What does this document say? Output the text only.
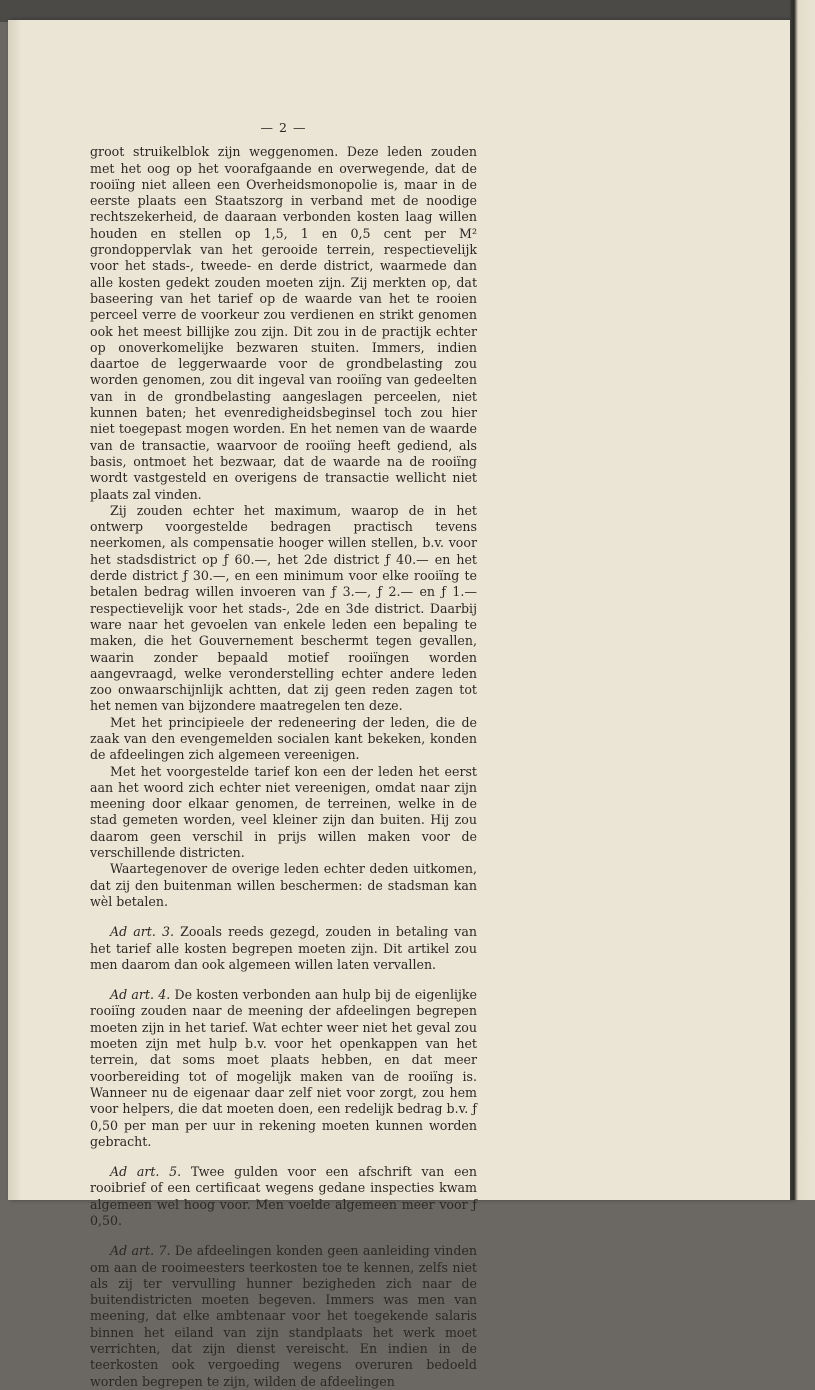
— 2 —

groot struikelblok zijn weggenomen. Deze leden zouden met het oog op het voorafgaande en overwegende, dat de rooiïng niet alleen een Overheidsmonopolie is, maar in de eerste plaats een Staatszorg in verband met de noodige rechtszekerheid, de daaraan verbonden kosten laag willen houden en stellen op 1,5, 1 en 0,5 cent per M² grondoppervlak van het gerooide terrein, respectievelijk voor het stads-, tweede- en derde district, waarmede dan alle kosten gedekt zouden moeten zijn. Zij merkten op, dat baseering van het tarief op de waarde van het te rooien perceel verre de voorkeur zou verdienen en strikt genomen ook het meest billijke zou zijn. Dit zou in de practijk echter op onoverkomelijke bezwaren stuiten. Immers, indien daartoe de leggerwaarde voor de grondbelasting zou worden genomen, zou dit ingeval van rooiïng van gedeelten van in de grondbelasting aangeslagen perceelen, niet kunnen baten; het evenredigheidsbeginsel toch zou hier niet toegepast mogen worden. En het nemen van de waarde van de transactie, waarvoor de rooiïng heeft gediend, als basis, ontmoet het bezwaar, dat de waarde na de rooiïng wordt vastgesteld en overigens de transactie wellicht niet plaats zal vinden.

Zij zouden echter het maximum, waarop de in het ontwerp voorgestelde bedragen practisch tevens neerkomen, als compensatie hooger willen stellen, b.v. voor het stadsdistrict op ƒ 60.—, het 2de district ƒ 40.— en het derde district ƒ 30.—, en een minimum voor elke rooiïng te betalen bedrag willen invoeren van ƒ 3.—, ƒ 2.— en ƒ 1.— respectievelijk voor het stads-, 2de en 3de district. Daarbij ware naar het gevoelen van enkele leden een bepaling te maken, die het Gouvernement beschermt tegen gevallen, waarin zonder bepaald motief rooiïngen worden aangevraagd, welke veronderstelling echter andere leden zoo onwaarschijnlijk achtten, dat zij geen reden zagen tot het nemen van bijzondere maatregelen ten deze.

Met het principieele der redeneering der leden, die de zaak van den evengemelden socialen kant bekeken, konden de afdeelingen zich algemeen vereenigen.

Met het voorgestelde tarief kon een der leden het eerst aan het woord zich echter niet vereenigen, omdat naar zijn meening door elkaar genomen, de terreinen, welke in de stad gemeten worden, veel kleiner zijn dan buiten. Hij zou daarom geen verschil in prijs willen maken voor de verschillende districten.

Waartegenover de overige leden echter deden uitkomen, dat zij den buitenman willen beschermen: de stadsman kan wèl betalen.

Ad art. 3. Zooals reeds gezegd, zouden in betaling van het tarief alle kosten begrepen moeten zijn. Dit artikel zou men daarom dan ook algemeen willen laten vervallen.

Ad art. 4. De kosten verbonden aan hulp bij de eigenlijke rooiïng zouden naar de meening der afdeelingen begrepen moeten zijn in het tarief. Wat echter weer niet het geval zou moeten zijn met hulp b.v. voor het openkappen van het terrein, dat soms moet plaats hebben, en dat meer voorbereiding tot of mogelijk maken van de rooiïng is. Wanneer nu de eigenaar daar zelf niet voor zorgt, zou hem voor helpers, die dat moeten doen, een redelijk bedrag b.v. ƒ 0,50 per man per uur in rekening moeten kunnen worden gebracht.

Ad art. 5. Twee gulden voor een afschrift van een rooibrief of een certificaat wegens gedane inspecties kwam algemeen wel hoog voor. Men voelde algemeen meer voor ƒ 0,50.

Ad art. 7. De afdeelingen konden geen aanleiding vinden om aan de rooimeesters teerkosten toe te kennen, zelfs niet als zij ter vervulling hunner bezigheden zich naar de buitendistricten moeten begeven. Immers was men van meening, dat elke ambtenaar voor het toegekende salaris binnen het eiland van zijn standplaats het werk moet verrichten, dat zijn dienst vereischt. En indien in de teerkosten ook vergoeding wegens overuren bedoeld worden begrepen te zijn, wilden de afdeelingen
